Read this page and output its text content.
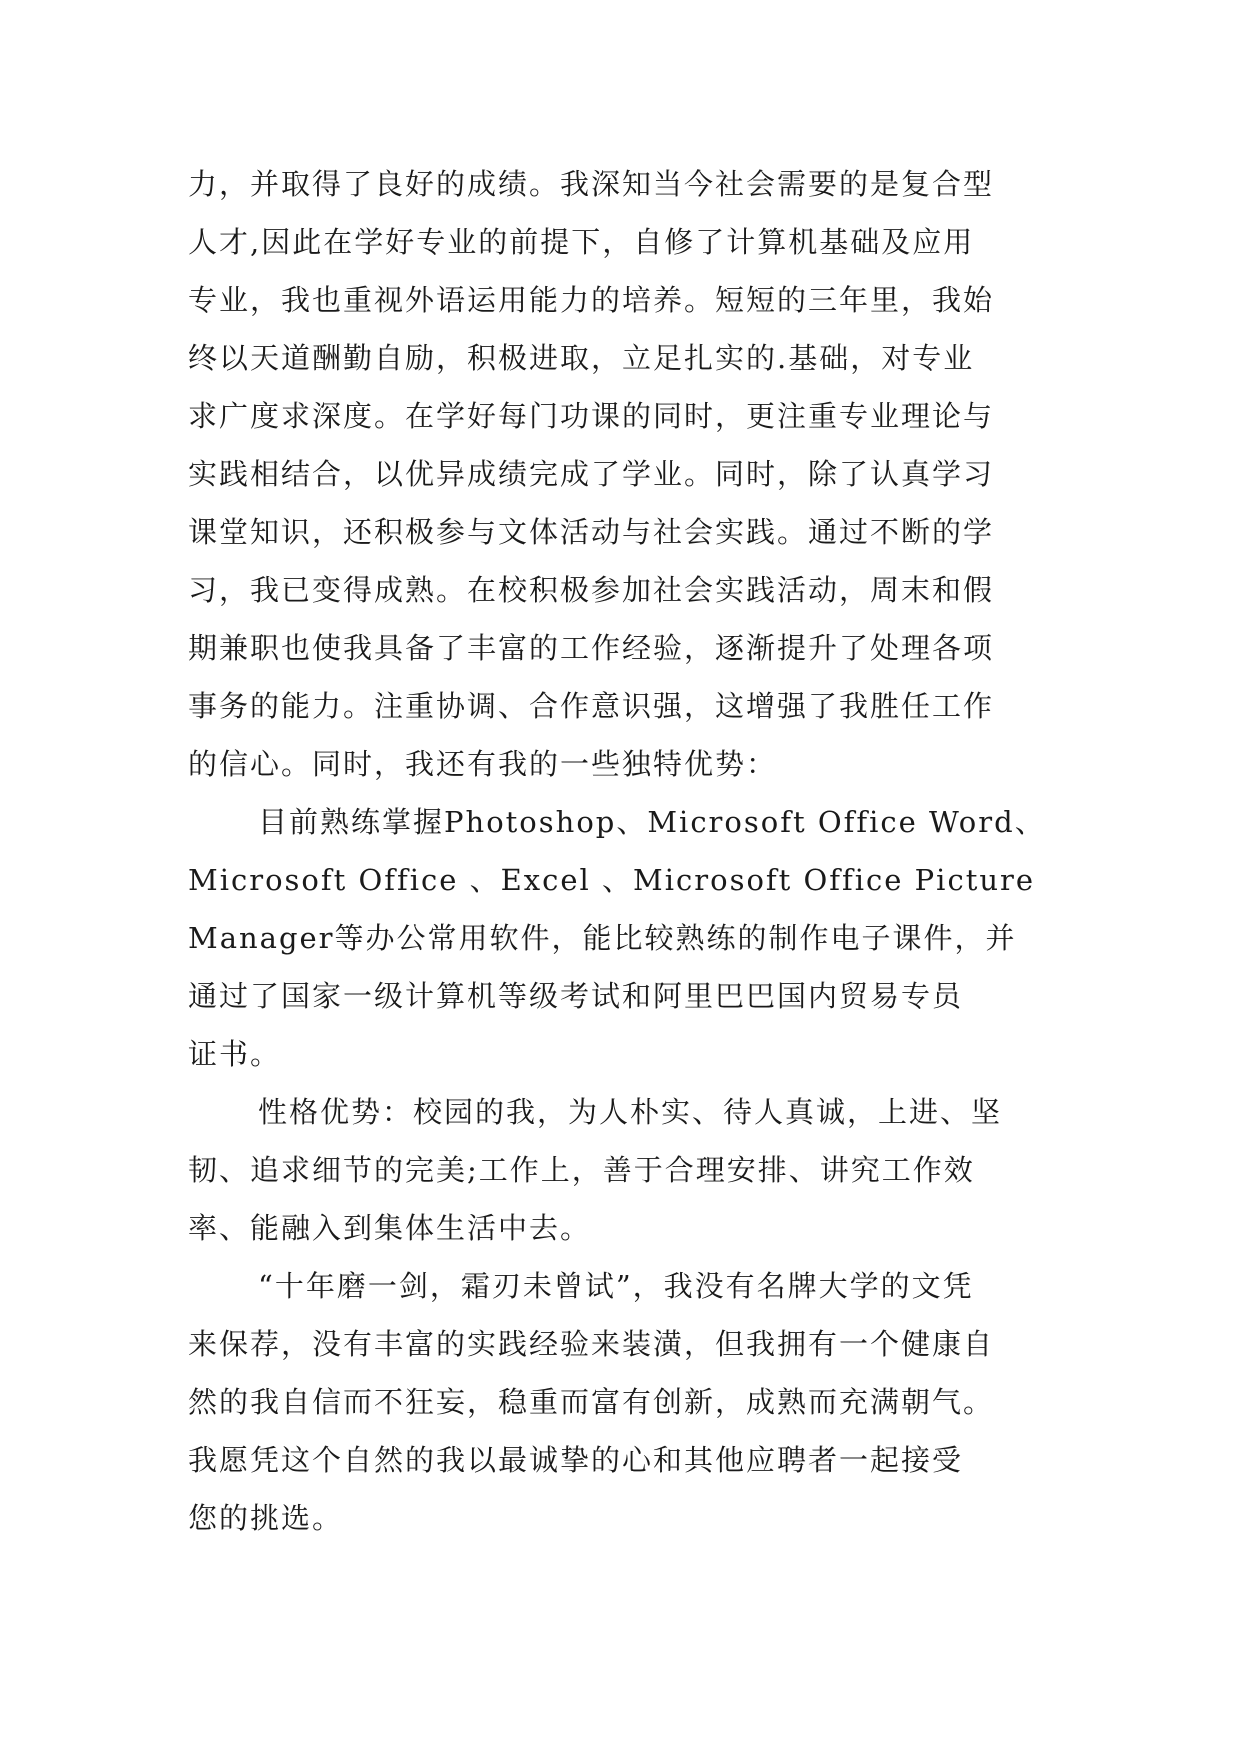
力，并取得了良好的成绩。我深知当今社会需要的是复合型
人才,因此在学好专业的前提下，自修了计算机基础及应用
专业，我也重视外语运用能力的培养。短短的三年里，我始
终以天道酬勤自励，积极进取，立足扎实的.基础，对专业
求广度求深度。在学好每门功课的同时，更注重专业理论与
实践相结合，以优异成绩完成了学业。同时，除了认真学习
课堂知识，还积极参与文体活动与社会实践。通过不断的学
习，我已变得成熟。在校积极参加社会实践活动，周末和假
期兼职也使我具备了丰富的工作经验，逐渐提升了处理各项
事务的能力。注重协调、合作意识强，这增强了我胜任工作
的信心。同时，我还有我的一些独特优势：
目前熟练掌握Photoshop、Microsoft Office Word、
Microsoft Office 、Excel 、Microsoft Office Picture
Manager等办公常用软件，能比较熟练的制作电子课件，并
通过了国家一级计算机等级考试和阿里巴巴国内贸易专员
证书。
性格优势：校园的我，为人朴实、待人真诚，上进、坚
韧、追求细节的完美;工作上，善于合理安排、讲究工作效
率、能融入到集体生活中去。
“十年磨一剑，霜刃未曾试”，我没有名牌大学的文凭
来保荐，没有丰富的实践经验来装潢，但我拥有一个健康自
然的我自信而不狂妄，稳重而富有创新，成熟而充满朝气。
我愿凭这个自然的我以最诚挚的心和其他应聘者一起接受
您的挑选。
